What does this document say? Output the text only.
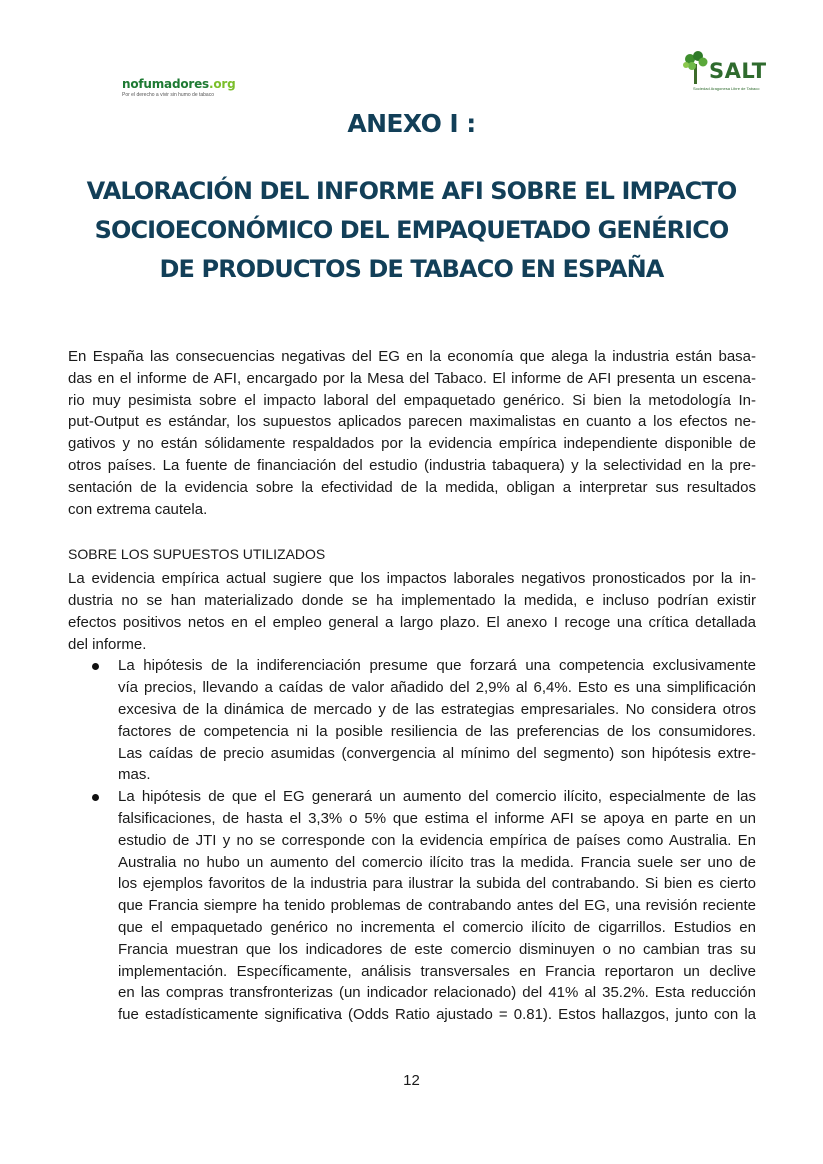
nofumadores.org
Por el derecho a vivir sin humo de tabaco
SALT
Sociedad Aragonesa Libre de Tabaco
ANEXO I :
VALORACIÓN DEL INFORME AFI SOBRE EL IMPACTO
SOCIOECONÓMICO DEL EMPAQUETADO GENÉRICO
DE PRODUCTOS DE TABACO EN ESPAÑA
En España las consecuencias negativas del EG en la economía que alega la industria están basa-
das en el informe de AFI, encargado por la Mesa del Tabaco. El informe de AFI presenta un escena-
rio muy pesimista sobre el impacto laboral del empaquetado genérico. Si bien la metodología In-
put-Output es estándar, los supuestos aplicados parecen maximalistas en cuanto a los efectos ne-
gativos y no están sólidamente respaldados por la evidencia empírica independiente disponible de
otros países. La fuente de financiación del estudio (industria tabaquera) y la selectividad en la pre-
sentación de la evidencia sobre la efectividad de la medida, obligan a interpretar sus resultados
con extrema cautela.
SOBRE LOS SUPUESTOS UTILIZADOS
La evidencia empírica actual sugiere que los impactos laborales negativos pronosticados por la in-
dustria no se han materializado donde se ha implementado la medida, e incluso podrían existir
efectos positivos netos en el empleo general a largo plazo. El anexo I recoge una crítica detallada
del informe.
La hipótesis de la indiferenciación presume que forzará una competencia exclusivamente
vía precios, llevando a caídas de valor añadido del 2,9% al 6,4%. Esto es una simplificación
excesiva de la dinámica de mercado y de las estrategias empresariales. No considera otros
factores de competencia ni la posible resiliencia de las preferencias de los consumidores.
Las caídas de precio asumidas (convergencia al mínimo del segmento) son hipótesis extre-
mas.
La hipótesis de que el EG generará un aumento del comercio ilícito, especialmente de las
falsificaciones, de hasta el 3,3% o 5% que estima el informe AFI se apoya en parte en un
estudio de JTI y no se corresponde con la evidencia empírica de países como Australia. En
Australia no hubo un aumento del comercio ilícito tras la medida. Francia suele ser uno de
los ejemplos favoritos de la industria para ilustrar la subida del contrabando. Si bien es cierto
que Francia siempre ha tenido problemas de contrabando antes del EG, una revisión reciente
que el empaquetado genérico no incrementa el comercio ilícito de cigarrillos. Estudios en
Francia muestran que los indicadores de este comercio disminuyen o no cambian tras su
implementación. Específicamente, análisis transversales en Francia reportaron un declive
en las compras transfronterizas (un indicador relacionado) del 41% al 35.2%. Esta reducción
fue estadísticamente significativa (Odds Ratio ajustado = 0.81). Estos hallazgos, junto con la
12
